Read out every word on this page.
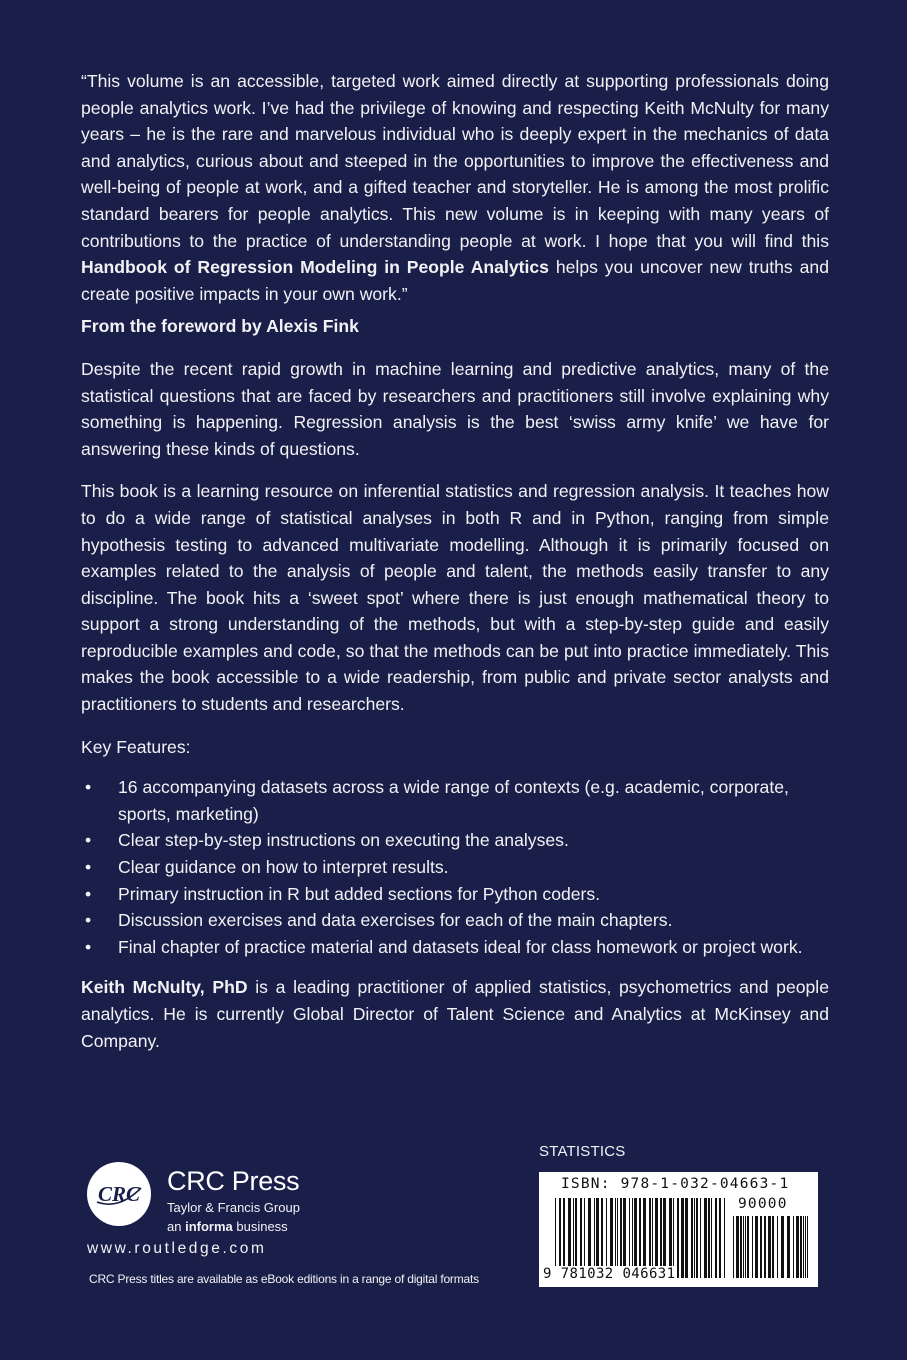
“This volume is an accessible, targeted work aimed directly at supporting professionals doing people analytics work. I’ve had the privilege of knowing and respecting Keith McNulty for many years – he is the rare and marvelous individual who is deeply expert in the mechanics of data and analytics, curious about and steeped in the opportunities to improve the effectiveness and well-being of people at work, and a gifted teacher and storyteller. He is among the most prolific standard bearers for people analytics. This new volume is in keeping with many years of contributions to the practice of understanding people at work. I hope that you will find this Handbook of Regression Modeling in People Analytics helps you uncover new truths and create positive impacts in your own work.”

From the foreword by Alexis Fink

Despite the recent rapid growth in machine learning and predictive analytics, many of the statistical questions that are faced by researchers and practitioners still involve explaining why something is happening. Regression analysis is the best ‘swiss army knife’ we have for answering these kinds of questions.

This book is a learning resource on inferential statistics and regression analysis. It teaches how to do a wide range of statistical analyses in both R and in Python, ranging from simple hypothesis testing to advanced multivariate modelling. Although it is primarily focused on examples related to the analysis of people and talent, the methods easily transfer to any discipline. The book hits a ‘sweet spot’ where there is just enough mathematical theory to support a strong understanding of the methods, but with a step-by-step guide and easily reproducible examples and code, so that the methods can be put into practice immediately. This makes the book accessible to a wide readership, from public and private sector analysts and practitioners to students and researchers.

Key Features:

• 16 accompanying datasets across a wide range of contexts (e.g. academic, corporate, sports, marketing)
• Clear step-by-step instructions on executing the analyses.
• Clear guidance on how to interpret results.
• Primary instruction in R but added sections for Python coders.
• Discussion exercises and data exercises for each of the main chapters.
• Final chapter of practice material and datasets ideal for class homework or project work.

Keith McNulty, PhD is a leading practitioner of applied statistics, psychometrics and people analytics. He is currently Global Director of Talent Science and Analytics at McKinsey and Company.

CRC CRC Press
Taylor & Francis Group
an informa business
www.routledge.com
CRC Press titles are available as eBook editions in a range of digital formats
STATISTICS
ISBN: 978-1-032-04663-1
90000
9 781032 046631
